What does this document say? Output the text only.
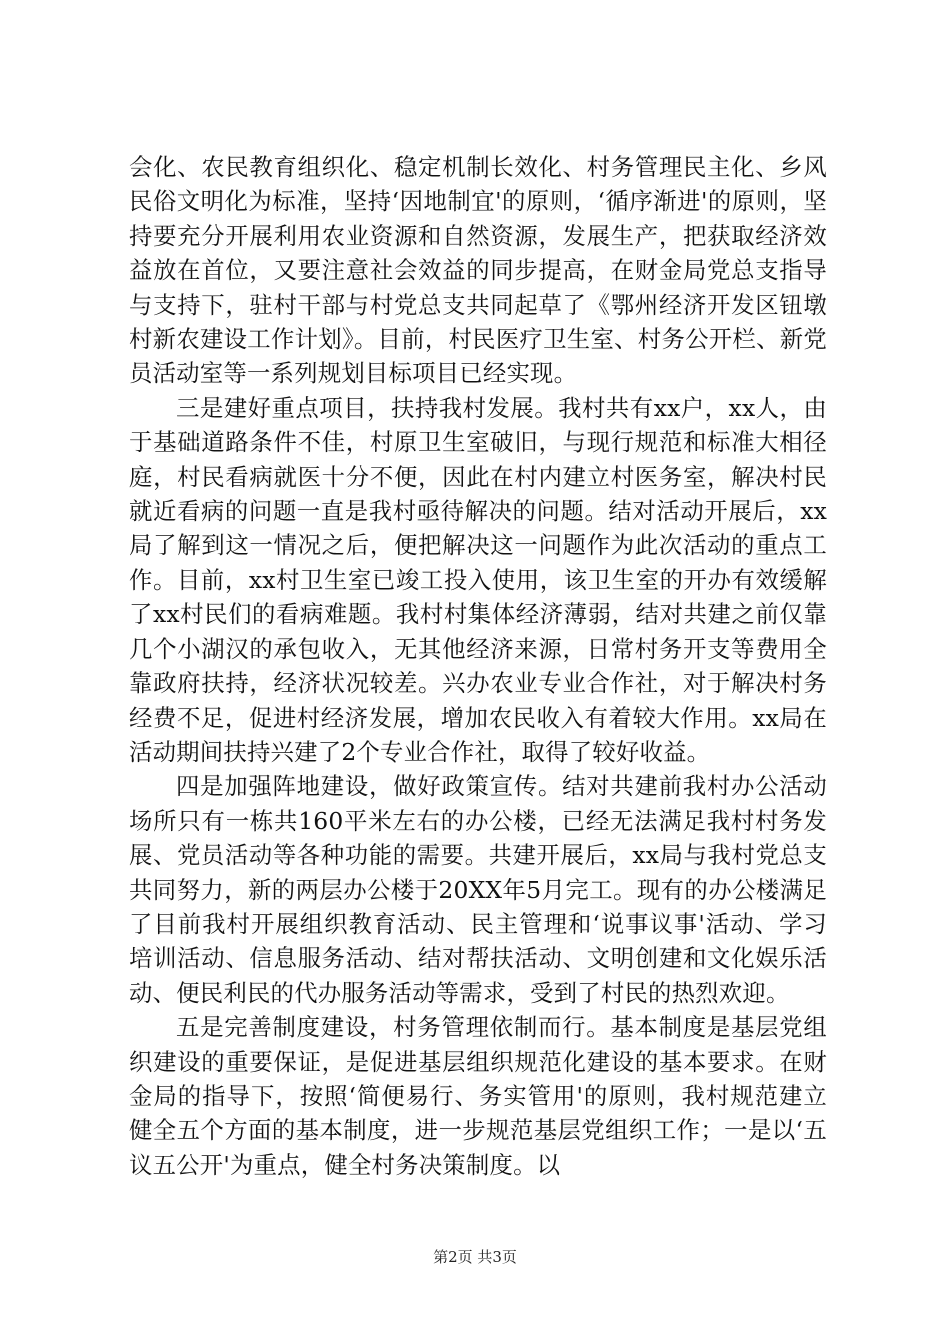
会化、农民教育组织化、稳定机制长效化、村务管理民主化、乡风民俗文明化为标准，坚持‘因地制宜'的原则，‘循序渐进'的原则，坚持要充分开展利用农业资源和自然资源，发展生产，把获取经济效益放在首位，又要注意社会效益的同步提高，在财金局党总支指导与支持下，驻村干部与村党总支共同起草了《鄂州经济开发区钮墩村新农建设工作计划》。目前，村民医疗卫生室、村务公开栏、新党员活动室等一系列规划目标项目已经实现。

三是建好重点项目，扶持我村发展。我村共有xx户，xx人，由于基础道路条件不佳，村原卫生室破旧，与现行规范和标准大相径庭，村民看病就医十分不便，因此在村内建立村医务室，解决村民就近看病的问题一直是我村亟待解决的问题。结对活动开展后，xx局了解到这一情况之后，便把解决这一问题作为此次活动的重点工作。目前，xx村卫生室已竣工投入使用，该卫生室的开办有效缓解了xx村民们的看病难题。我村村集体经济薄弱，结对共建之前仅靠几个小湖汉的承包收入，无其他经济来源，日常村务开支等费用全靠政府扶持，经济状况较差。兴办农业专业合作社，对于解决村务经费不足，促进村经济发展，增加农民收入有着较大作用。xx局在活动期间扶持兴建了2个专业合作社，取得了较好收益。

四是加强阵地建设，做好政策宣传。结对共建前我村办公活动场所只有一栋共160平米左右的办公楼，已经无法满足我村村务发展、党员活动等各种功能的需要。共建开展后，xx局与我村党总支共同努力，新的两层办公楼于20XX年5月完工。现有的办公楼满足了目前我村开展组织教育活动、民主管理和‘说事议事'活动、学习培训活动、信息服务活动、结对帮扶活动、文明创建和文化娱乐活动、便民利民的代办服务活动等需求，受到了村民的热烈欢迎。

五是完善制度建设，村务管理依制而行。基本制度是基层党组织建设的重要保证，是促进基层组织规范化建设的基本要求。在财金局的指导下，按照‘简便易行、务实管用'的原则，我村规范建立健全五个方面的基本制度，进一步规范基层党组织工作；一是以‘五议五公开'为重点，健全村务决策制度。以

第2页 共3页
